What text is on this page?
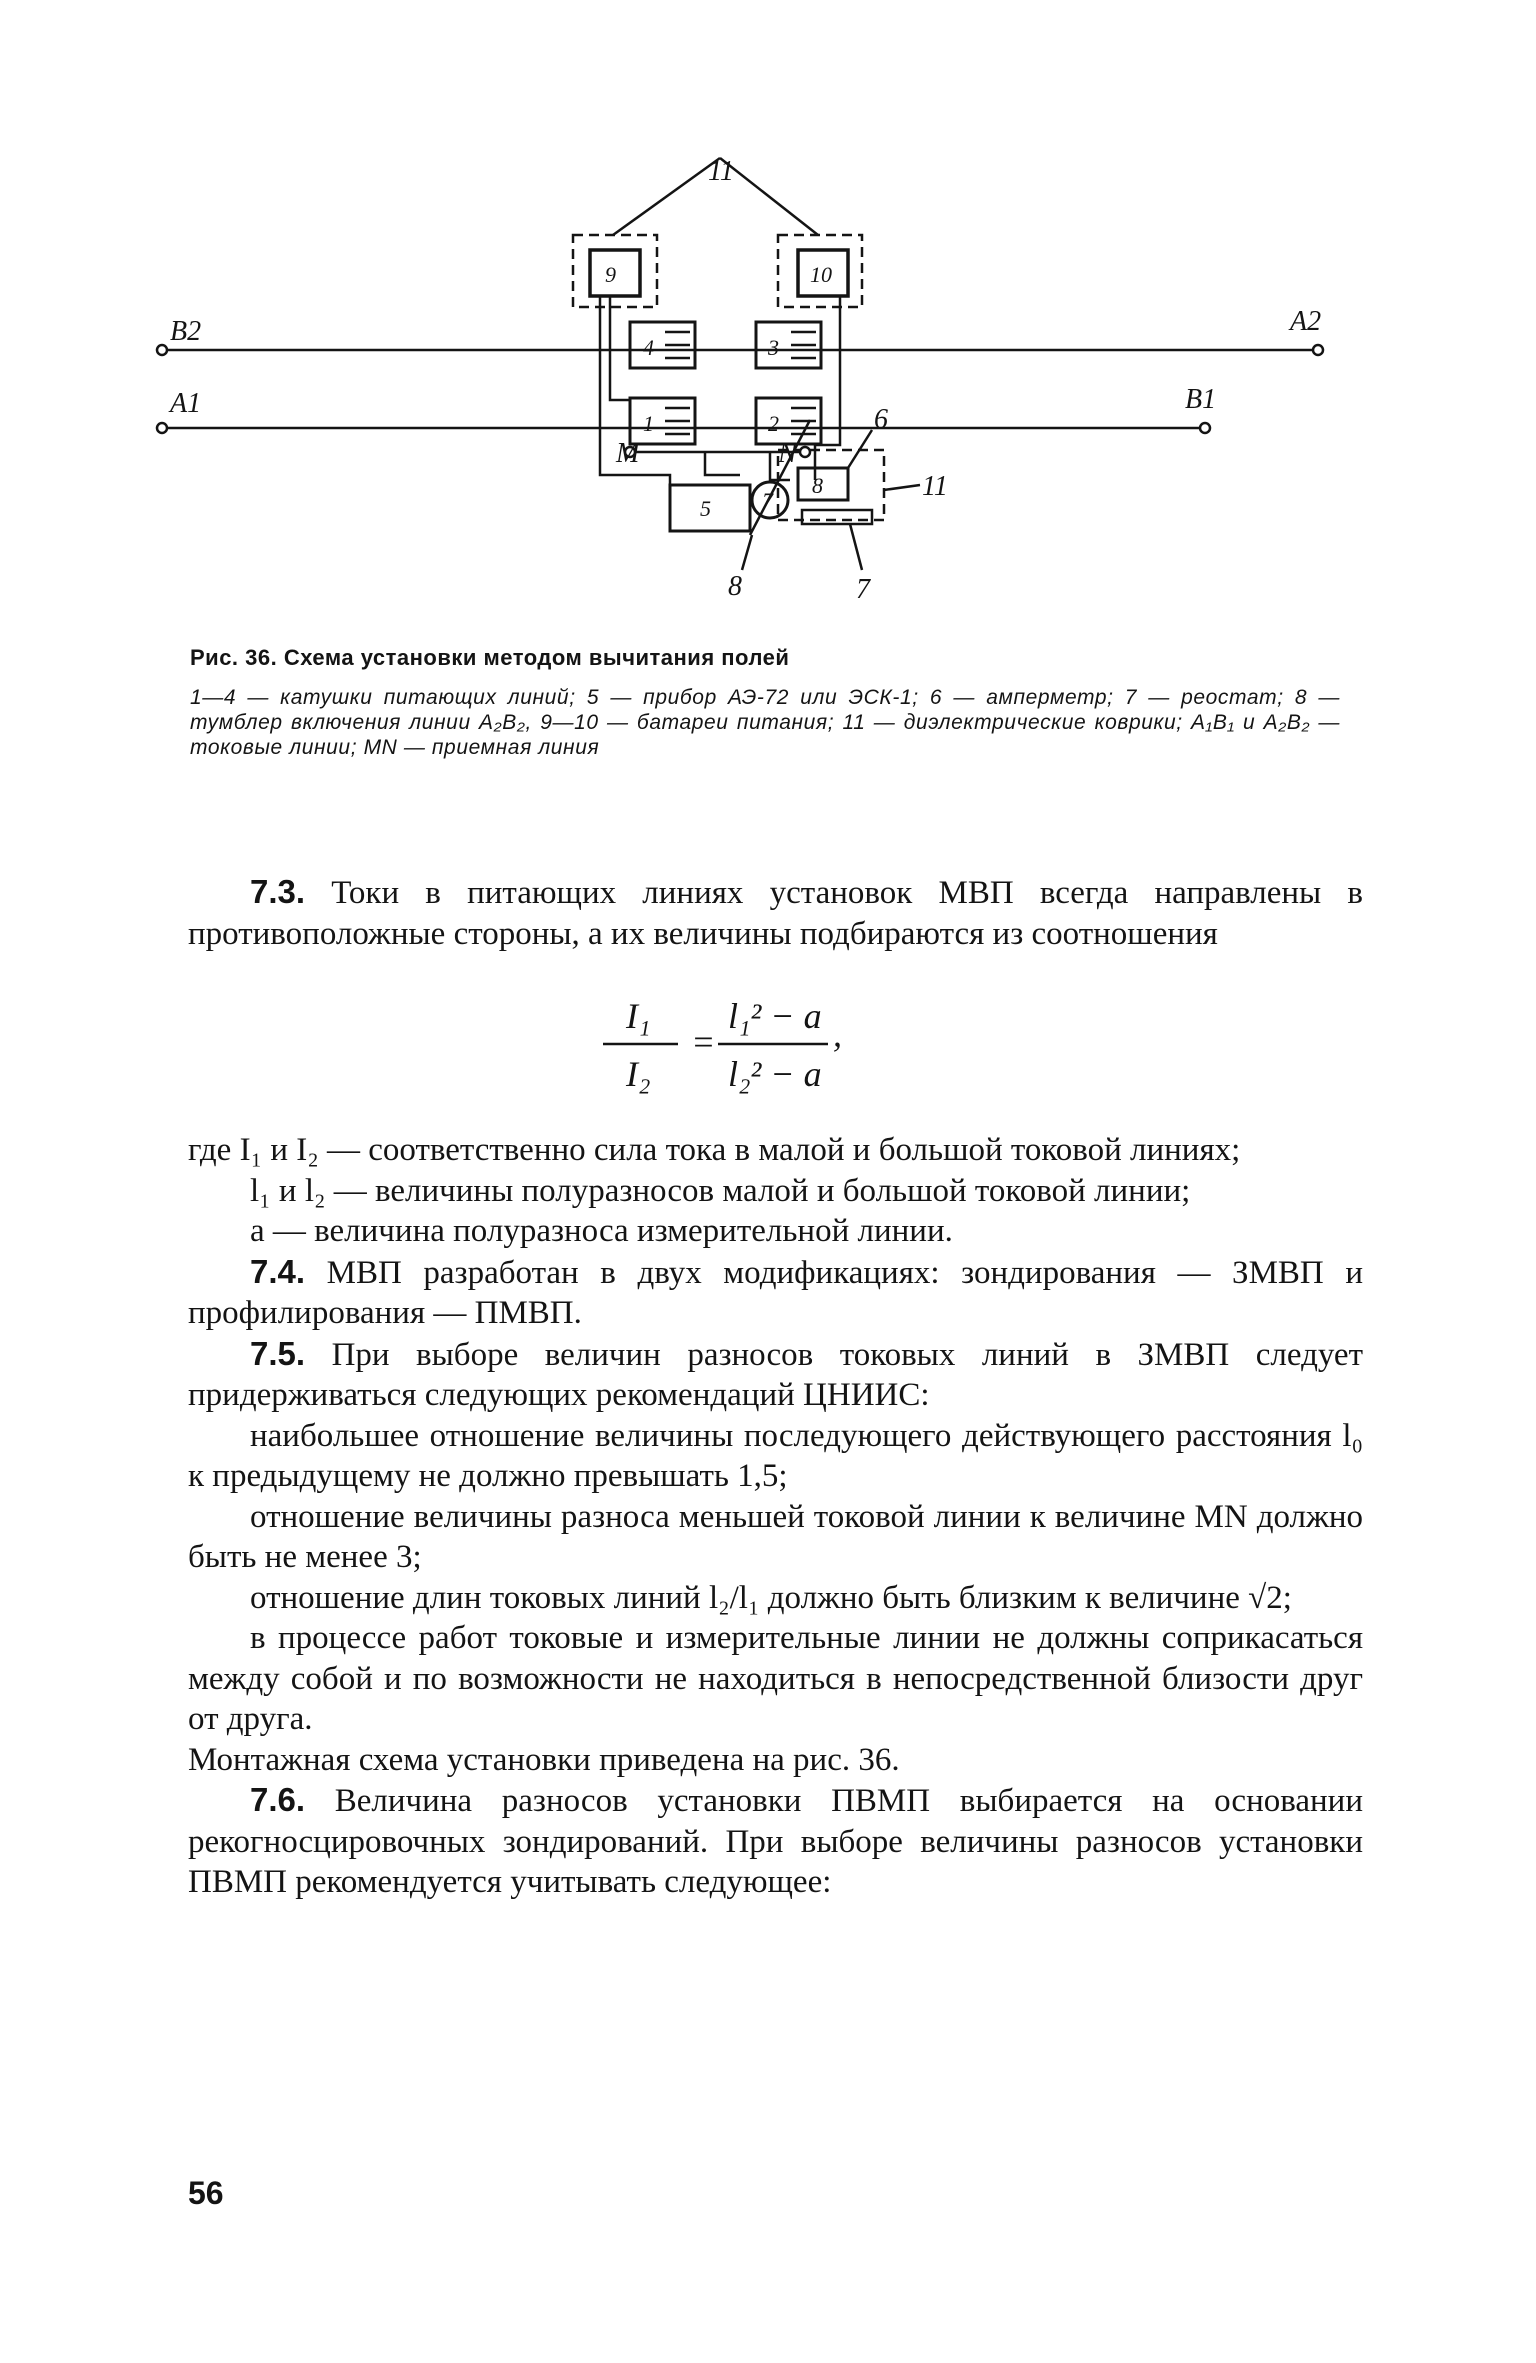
11
B2
A1
A2
B1
M	N
9	10
4	3
1	2
5 7
8
6
11
8	7

Рис. 36. Схема установки методом вычитания полей

1—4 — катушки питающих линий; 5 — прибор АЭ-72 или ЭСК-1; 6 — амперметр; 7 — реостат; 8 — тумблер включения линии A₂B₂, 9—10 — батареи питания; 11 — диэлектрические коврики; A₁B₁ и A₂B₂ — токовые линии; MN — приемная линия

7.3. Токи в питающих линиях установок МВП всегда направлены в противоположные стороны, а их величины подбираются из соотношения

I₁
I₂
=
l₁² − a
l₂² − a
,

где I₁ и I₂ — соответственно сила тока в малой и большой токовой линиях;

l₁ и l₂ — величины полуразносов малой и большой токовой линии;

a — величина полуразноса измерительной линии.

7.4. МВП разработан в двух модификациях: зондирования — ЗМВП и профилирования — ПМВП.

7.5. При выборе величин разносов токовых линий в ЗМВП следует придерживаться следующих рекомендаций ЦНИИС:

наибольшее отношение величины последующего действующего расстояния l₀ к предыдущему не должно превышать 1,5;

отношение величины разноса меньшей токовой линии к величине MN должно быть не менее 3;

отношение длин токовых линий l₂/l₁ должно быть близким к величине √2;

в процессе работ токовые и измерительные линии не должны соприкасаться между собой и по возможности не находиться в непосредственной близости друг от друга.

Монтажная схема установки приведена на рис. 36.

7.6. Величина разносов установки ПВМП выбирается на основании рекогносцировочных зондирований. При выборе величины разносов установки ПВМП рекомендуется учитывать следующее:

56
